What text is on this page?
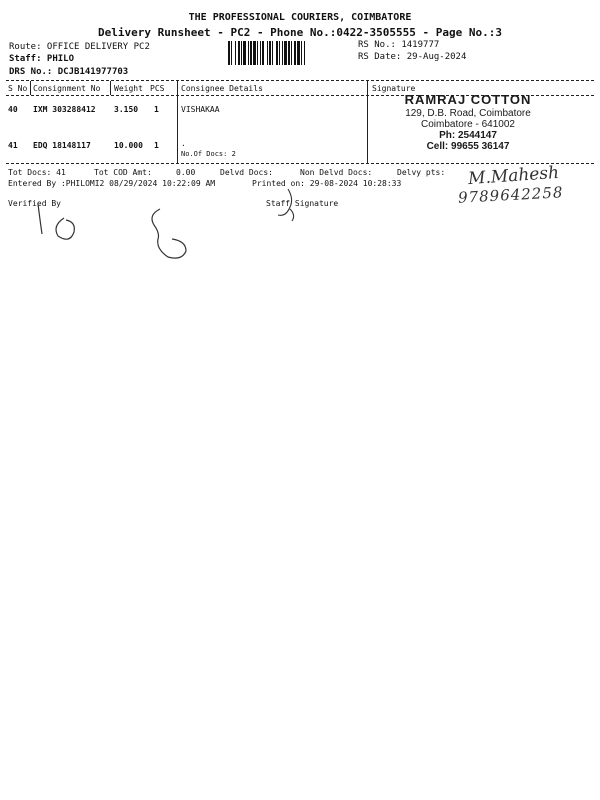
THE PROFESSIONAL COURIERS, COIMBATORE
Delivery Runsheet - PC2 - Phone No.:0422-3505555 - Page No.:3
Route: OFFICE DELIVERY PC2
Staff: PHILO
DRS No.: DCJB141977703
RS No.: 1419777
RS Date: 29-Aug-2024
S No Consignment No Weight PCS Consignee Details	Signature
40 IXM 303288412 3.150 1	VISHAKAA
41 EDQ 18148117	10.000 1	.
No.Of Docs: 2
RAMRAJ COTTON
129, D.B. Road, Coimbatore
Coimbatore - 641002
Ph: 2544147
Cell: 99655 36147
Tot Docs: 41	Tot COD Amt:	0.00	Delvd Docs:	Non Delvd Docs:	Delvy pts:
Entered By :PHILOMI2 08/29/2024 10:22:09 AM	Printed on: 29-08-2024 10:28:33
Verified By	Staff Signature
M.Mahesh
9789642258
